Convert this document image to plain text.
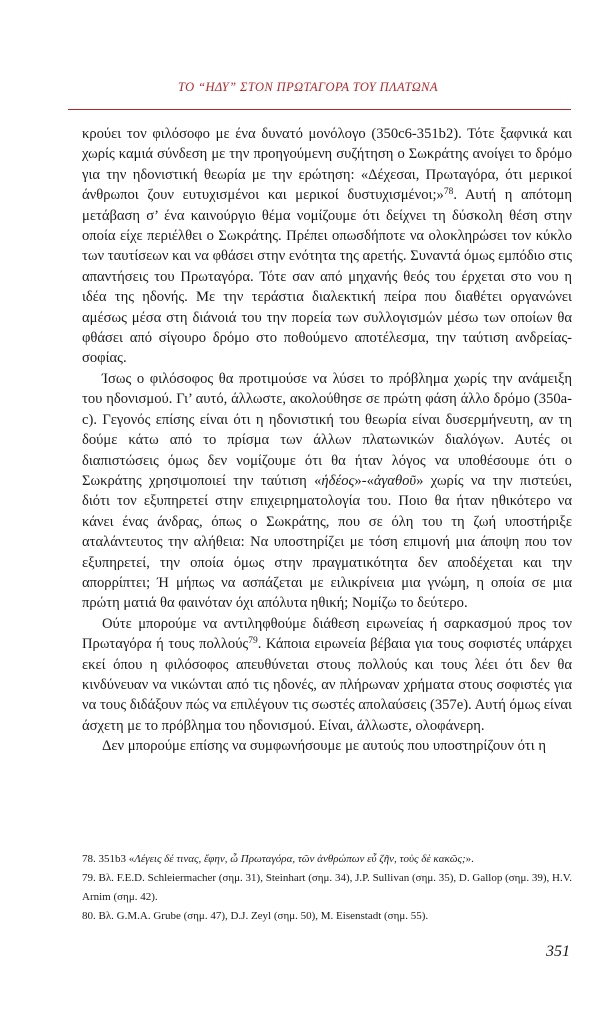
ΤΟ “ΗΔΥ” ΣΤΟΝ ΠΡΩΤΑΓΟΡΑ ΤΟΥ ΠΛΑΤΩΝΑ

κρούει τον φιλόσοφο με ένα δυνατό μονόλογο (350c6-351b2). Τότε ξαφνικά και χωρίς καμιά σύνδεση με την προηγούμενη συζήτηση ο Σωκράτης ανοίγει το δρόμο για την ηδονιστική θεωρία με την ερώτηση: «Δέχεσαι, Πρωταγόρα, ότι μερικοί άνθρωποι ζουν ευτυχισμένοι και μερικοί δυστυχισμένοι;»$^{78}$. Αυτή η απότομη μετάβαση σ’ ένα καινούργιο θέμα νομίζουμε ότι δείχνει τη δύσκολη θέση στην οποία είχε περιέλθει ο Σωκράτης. Πρέπει οπωσδήποτε να ολοκληρώσει τον κύκλο των ταυτίσεων και να φθάσει στην ενότητα της αρετής. Συναντά όμως εμπόδιο στις απαντήσεις του Πρωταγόρα. Τότε σαν από μηχανής θεός του έρχεται στο νου η ιδέα της ηδονής. Με την τεράστια διαλεκτική πείρα που διαθέτει οργανώνει αμέσως μέσα στη διάνοιά του την πορεία των συλλογισμών μέσω των οποίων θα φθάσει από σίγουρο δρόμο στο ποθούμενο αποτέλεσμα, την ταύτιση ανδρείας-σοφίας.

Ίσως ο φιλόσοφος θα προτιμούσε να λύσει το πρόβλημα χωρίς την ανάμειξη του ηδονισμού. Γι’ αυτό, άλλωστε, ακολούθησε σε πρώτη φάση άλλο δρόμο (350a-c). Γεγονός επίσης είναι ότι η ηδονιστική του θεωρία είναι δυσερμήνευτη, αν τη δούμε κάτω από το πρίσμα των άλλων πλατωνικών διαλόγων. Αυτές οι διαπιστώσεις όμως δεν νομίζουμε ότι θα ήταν λόγος να υποθέσουμε ότι ο Σωκράτης χρησιμοποιεί την ταύτιση «ἡδέος»-«ἀγαθοῦ» χωρίς να την πιστεύει, διότι τον εξυπηρετεί στην επιχειρηματολογία του. Ποιο θα ήταν ηθικότερο να κάνει ένας άνδρας, όπως ο Σωκράτης, που σε όλη του τη ζωή υποστήριξε αταλάντευτος την αλήθεια: Να υποστηρίζει με τόση επιμονή μια άποψη που τον εξυπηρετεί, την οποία όμως στην πραγματικότητα δεν αποδέχεται και την απορρίπτει; Ή μήπως να ασπάζεται με ειλικρίνεια μια γνώμη, η οποία σε μια πρώτη ματιά θα φαινόταν όχι απόλυτα ηθική; Νομίζω το δεύτερο.

Ούτε μπορούμε να αντιληφθούμε διάθεση ειρωνείας ή σαρκασμού προς τον Πρωταγόρα ή τους πολλούς$^{79}$. Κάποια ειρωνεία βέβαια για τους σοφιστές υπάρχει εκεί όπου η φιλόσοφος απευθύνεται στους πολλούς και τους λέει ότι δεν θα κινδύνευαν να νικώνται από τις ηδονές, αν πλήρωναν χρήματα στους σοφιστές για να τους διδάξουν πώς να επιλέγουν τις σωστές απολαύσεις (357e). Αυτή όμως είναι άσχετη με το πρόβλημα του ηδονισμού. Είναι, άλλωστε, ολοφάνερη.

Δεν μπορούμε επίσης να συμφωνήσουμε με αυτούς που υποστηρίζουν ότι η

78. 351b3 «Λέγεις δέ τινας, ἔφην, ὦ Πρωταγόρα, τῶν ἀνθρώπων εὖ ζῆν, τοὺς δὲ κακῶς;».

79. Βλ. F.E.D. Schleiermacher (σημ. 31), Steinhart (σημ. 34), J.P. Sullivan (σημ. 35), D. Gallop (σημ. 39), H.V. Arnim (σημ. 42).

80. Βλ. G.M.A. Grube (σημ. 47), D.J. Zeyl (σημ. 50), M. Eisenstadt (σημ. 55).

351
